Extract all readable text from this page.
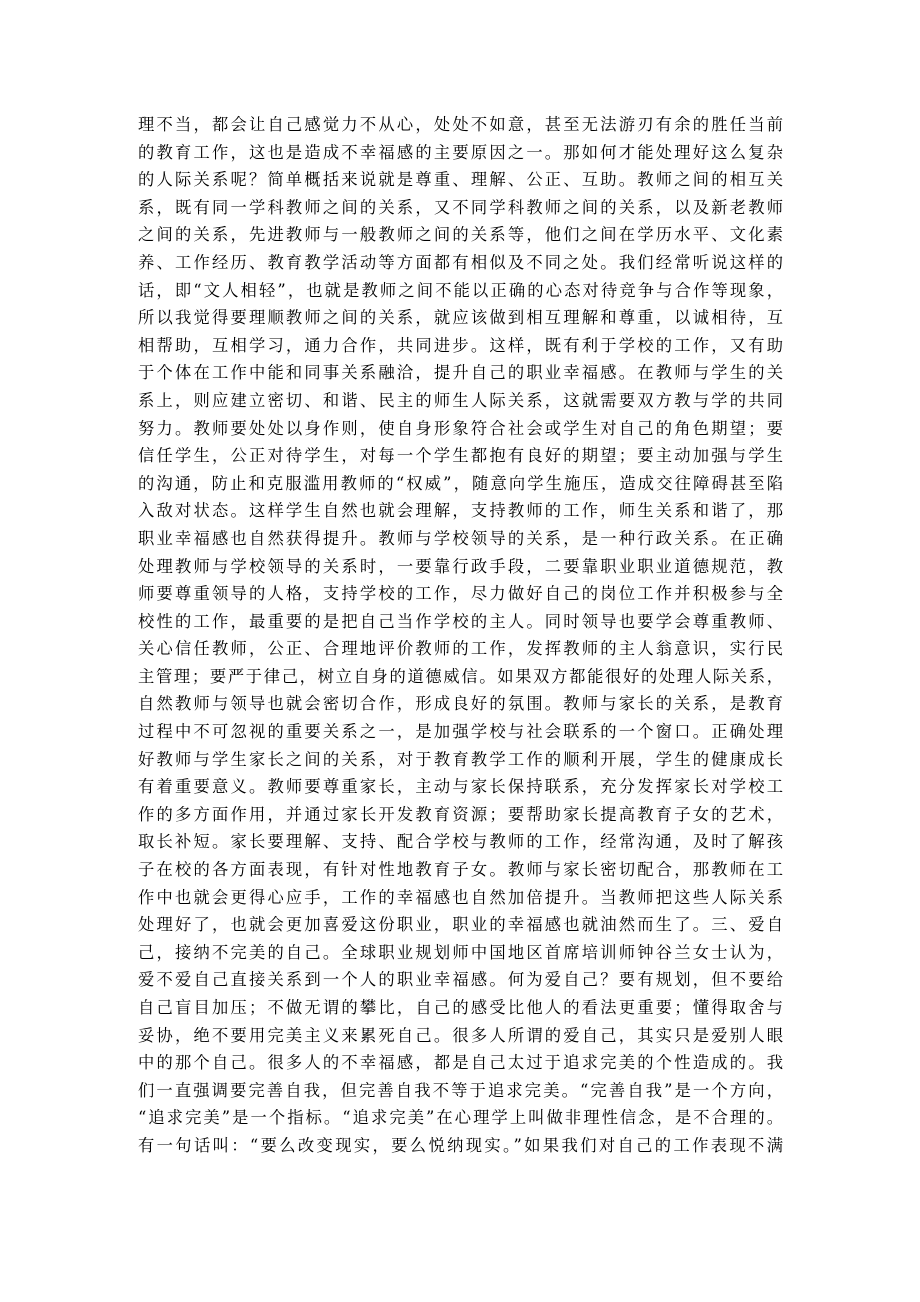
理不当，都会让自己感觉力不从心，处处不如意，甚至无法游刃有余的胜任当前
的教育工作，这也是造成不幸福感的主要原因之一。那如何才能处理好这么复杂
的人际关系呢？简单概括来说就是尊重、理解、公正、互助。教师之间的相互关
系，既有同一学科教师之间的关系，又不同学科教师之间的关系，以及新老教师
之间的关系，先进教师与一般教师之间的关系等，他们之间在学历水平、文化素
养、工作经历、教育教学活动等方面都有相似及不同之处。我们经常听说这样的
话，即“文人相轻”，也就是教师之间不能以正确的心态对待竞争与合作等现象，
所以我觉得要理顺教师之间的关系，就应该做到相互理解和尊重，以诚相待，互
相帮助，互相学习，通力合作，共同进步。这样，既有利于学校的工作，又有助
于个体在工作中能和同事关系融洽，提升自己的职业幸福感。在教师与学生的关
系上，则应建立密切、和谐、民主的师生人际关系，这就需要双方教与学的共同
努力。教师要处处以身作则，使自身形象符合社会或学生对自己的角色期望；要
信任学生，公正对待学生，对每一个学生都抱有良好的期望；要主动加强与学生
的沟通，防止和克服滥用教师的“权威”，随意向学生施压，造成交往障碍甚至陷
入敌对状态。这样学生自然也就会理解，支持教师的工作，师生关系和谐了，那
职业幸福感也自然获得提升。教师与学校领导的关系，是一种行政关系。在正确
处理教师与学校领导的关系时，一要靠行政手段，二要靠职业职业道德规范，教
师要尊重领导的人格，支持学校的工作，尽力做好自己的岗位工作并积极参与全
校性的工作，最重要的是把自己当作学校的主人。同时领导也要学会尊重教师、
关心信任教师，公正、合理地评价教师的工作，发挥教师的主人翁意识，实行民
主管理；要严于律己，树立自身的道德威信。如果双方都能很好的处理人际关系，
自然教师与领导也就会密切合作，形成良好的氛围。教师与家长的关系，是教育
过程中不可忽视的重要关系之一，是加强学校与社会联系的一个窗口。正确处理
好教师与学生家长之间的关系，对于教育教学工作的顺利开展，学生的健康成长
有着重要意义。教师要尊重家长，主动与家长保持联系，充分发挥家长对学校工
作的多方面作用，并通过家长开发教育资源；要帮助家长提高教育子女的艺术，
取长补短。家长要理解、支持、配合学校与教师的工作，经常沟通，及时了解孩
子在校的各方面表现，有针对性地教育子女。教师与家长密切配合，那教师在工
作中也就会更得心应手，工作的幸福感也自然加倍提升。当教师把这些人际关系
处理好了，也就会更加喜爱这份职业，职业的幸福感也就油然而生了。三、爱自
己，接纳不完美的自己。全球职业规划师中国地区首席培训师钟谷兰女士认为，
爱不爱自己直接关系到一个人的职业幸福感。何为爱自己？要有规划，但不要给
自己盲目加压；不做无谓的攀比，自己的感受比他人的看法更重要；懂得取舍与
妥协，绝不要用完美主义来累死自己。很多人所谓的爱自己，其实只是爱别人眼
中的那个自己。很多人的不幸福感，都是自己太过于追求完美的个性造成的。我
们一直强调要完善自我，但完善自我不等于追求完美。“完善自我”是一个方向，
“追求完美”是一个指标。“追求完美”在心理学上叫做非理性信念，是不合理的。
有一句话叫：“要么改变现实，要么悦纳现实。”如果我们对自己的工作表现不满
